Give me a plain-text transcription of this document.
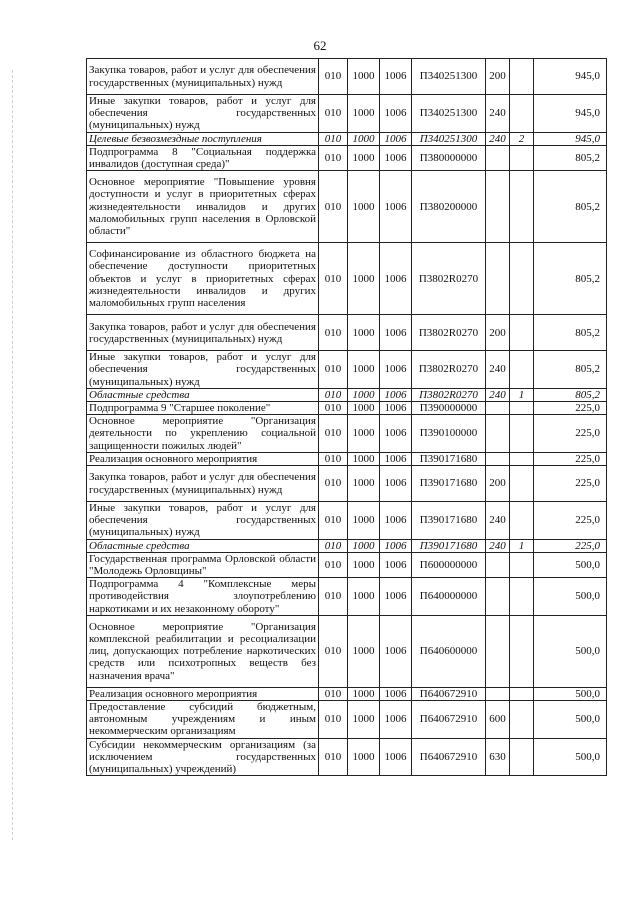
62
Закупка товаров, работ и услуг для обеспечения государственных (муниципальных) нужд	010	1000	1006	П340251300	200		945,0
Иные закупки товаров, работ и услуг для обеспечения государственных (муниципальных) нужд	010	1000	1006	П340251300	240		945,0
Целевые безвозмездные поступления	010	1000	1006	П340251300	240	2	945,0
Подпрограмма 8 "Социальная поддержка инвалидов (доступная среда)"	010	1000	1006	П380000000			805,2
Основное мероприятие "Повышение уровня доступности и услуг в приоритетных сферах жизнедеятельности инвалидов и других маломобильных групп населения в Орловской области"	010	1000	1006	П380200000			805,2
Софинансирование из областного бюджета на обеспечение доступности приоритетных объектов и услуг в приоритетных сферах жизнедеятельности инвалидов и других маломобильных групп населения	010	1000	1006	П3802R0270			805,2
Закупка товаров, работ и услуг для обеспечения государственных (муниципальных) нужд	010	1000	1006	П3802R0270	200		805,2
Иные закупки товаров, работ и услуг для обеспечения государственных (муниципальных) нужд	010	1000	1006	П3802R0270	240		805,2
Областные средства	010	1000	1006	П3802R0270	240	1	805,2
Подпрограмма 9 "Старшее поколение"	010	1000	1006	П390000000			225,0
Основное мероприятие "Организация деятельности по укреплению социальной защищенности пожилых людей"	010	1000	1006	П390100000			225,0
Реализация основного мероприятия	010	1000	1006	П390171680			225,0
Закупка товаров, работ и услуг для обеспечения государственных (муниципальных) нужд	010	1000	1006	П390171680	200		225,0
Иные закупки товаров, работ и услуг для обеспечения государственных (муниципальных) нужд	010	1000	1006	П390171680	240		225,0
Областные средства	010	1000	1006	П390171680	240	1	225,0
Государственная программа Орловской области "Молодежь Орловщины"	010	1000	1006	П600000000			500,0
Подпрограмма 4 "Комплексные меры противодействия злоупотреблению наркотиками и их незаконному обороту"	010	1000	1006	П640000000			500,0
Основное мероприятие "Организация комплексной реабилитации и ресоциализации лиц, допускающих потребление наркотических средств или психотропных веществ без назначения врача"	010	1000	1006	П640600000			500,0
Реализация основного мероприятия	010	1000	1006	П640672910			500,0
Предоставление субсидий бюджетным, автономным учреждениям и иным некоммерческим организациям	010	1000	1006	П640672910	600		500,0
Субсидии некоммерческим организациям (за исключением государственных (муниципальных) учреждений)	010	1000	1006	П640672910	630		500,0
